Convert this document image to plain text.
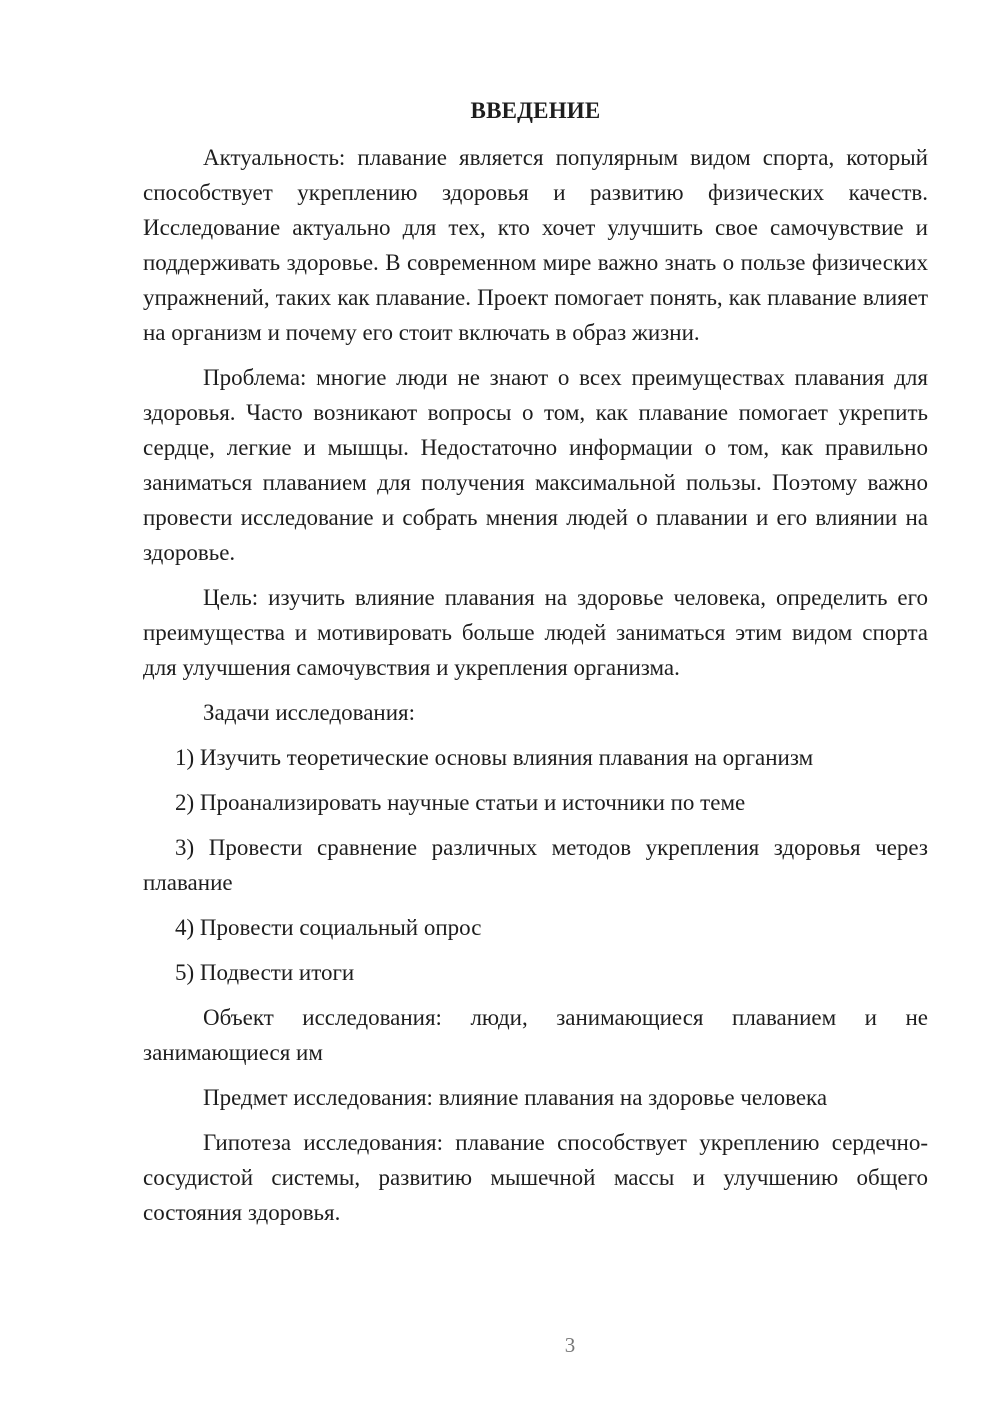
ВВЕДЕНИЕ

Актуальность: плавание является популярным видом спорта, который способствует укреплению здоровья и развитию физических качеств. Исследование актуально для тех, кто хочет улучшить свое самочувствие и поддерживать здоровье. В современном мире важно знать о пользе физических упражнений, таких как плавание. Проект помогает понять, как плавание влияет на организм и почему его стоит включать в образ жизни.

Проблема: многие люди не знают о всех преимуществах плавания для здоровья. Часто возникают вопросы о том, как плавание помогает укрепить сердце, легкие и мышцы. Недостаточно информации о том, как правильно заниматься плаванием для получения максимальной пользы. Поэтому важно провести исследование и собрать мнения людей о плавании и его влиянии на здоровье.

Цель: изучить влияние плавания на здоровье человека, определить его преимущества и мотивировать больше людей заниматься этим видом спорта для улучшения самочувствия и укрепления организма.

Задачи исследования:

1) Изучить теоретические основы влияния плавания на организм

2) Проанализировать научные статьи и источники по теме

3) Провести сравнение различных методов укрепления здоровья через плавание

4) Провести социальный опрос

5) Подвести итоги

Объект исследования: люди, занимающиеся плаванием и не занимающиеся им

Предмет исследования: влияние плавания на здоровье человека

Гипотеза исследования: плавание способствует укреплению сердечно-сосудистой системы, развитию мышечной массы и улучшению общего состояния здоровья.

3
